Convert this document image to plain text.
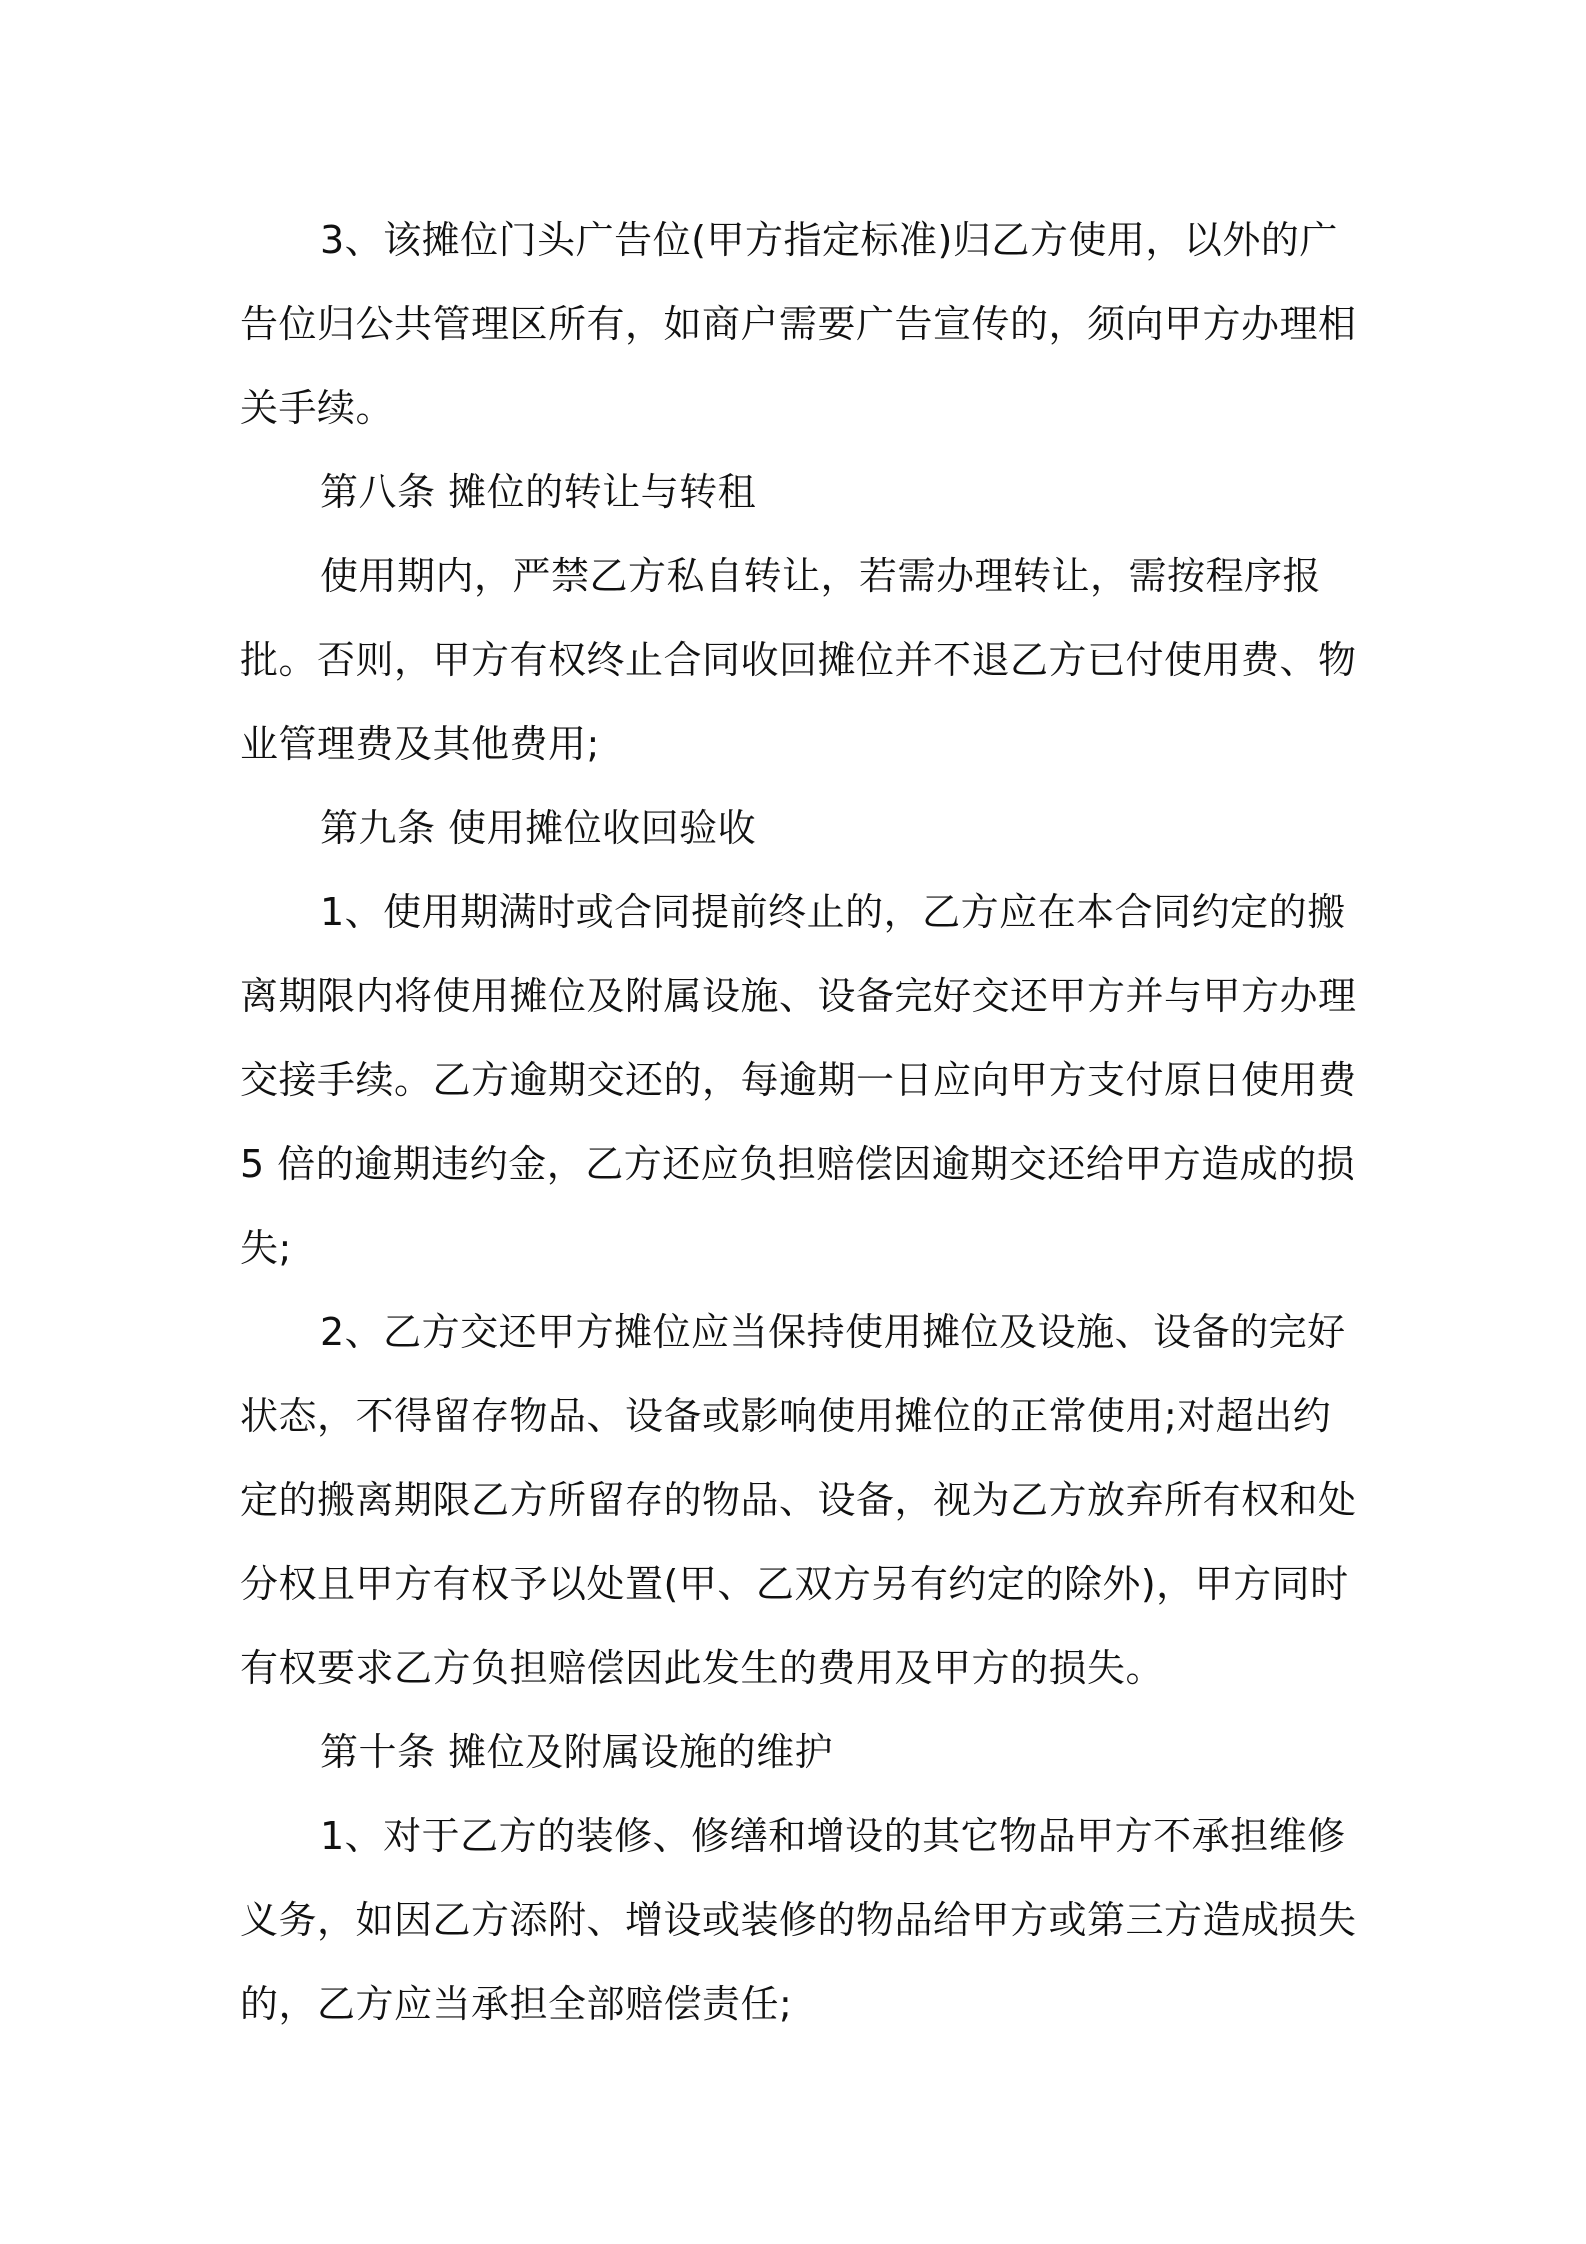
3、该摊位门头广告位(甲方指定标准)归乙方使用，以外的广告位归公共管理区所有，如商户需要广告宣传的，须向甲方办理相关手续。

第八条 摊位的转让与转租

使用期内，严禁乙方私自转让，若需办理转让，需按程序报批。否则，甲方有权终止合同收回摊位并不退乙方已付使用费、物业管理费及其他费用;

第九条 使用摊位收回验收

1、使用期满时或合同提前终止的，乙方应在本合同约定的搬离期限内将使用摊位及附属设施、设备完好交还甲方并与甲方办理交接手续。乙方逾期交还的，每逾期一日应向甲方支付原日使用费 5 倍的逾期违约金，乙方还应负担赔偿因逾期交还给甲方造成的损失;

2、乙方交还甲方摊位应当保持使用摊位及设施、设备的完好状态，不得留存物品、设备或影响使用摊位的正常使用;对超出约定的搬离期限乙方所留存的物品、设备，视为乙方放弃所有权和处分权且甲方有权予以处置(甲、乙双方另有约定的除外)，甲方同时有权要求乙方负担赔偿因此发生的费用及甲方的损失。

第十条 摊位及附属设施的维护

1、对于乙方的装修、修缮和增设的其它物品甲方不承担维修义务，如因乙方添附、增设或装修的物品给甲方或第三方造成损失的，乙方应当承担全部赔偿责任;
